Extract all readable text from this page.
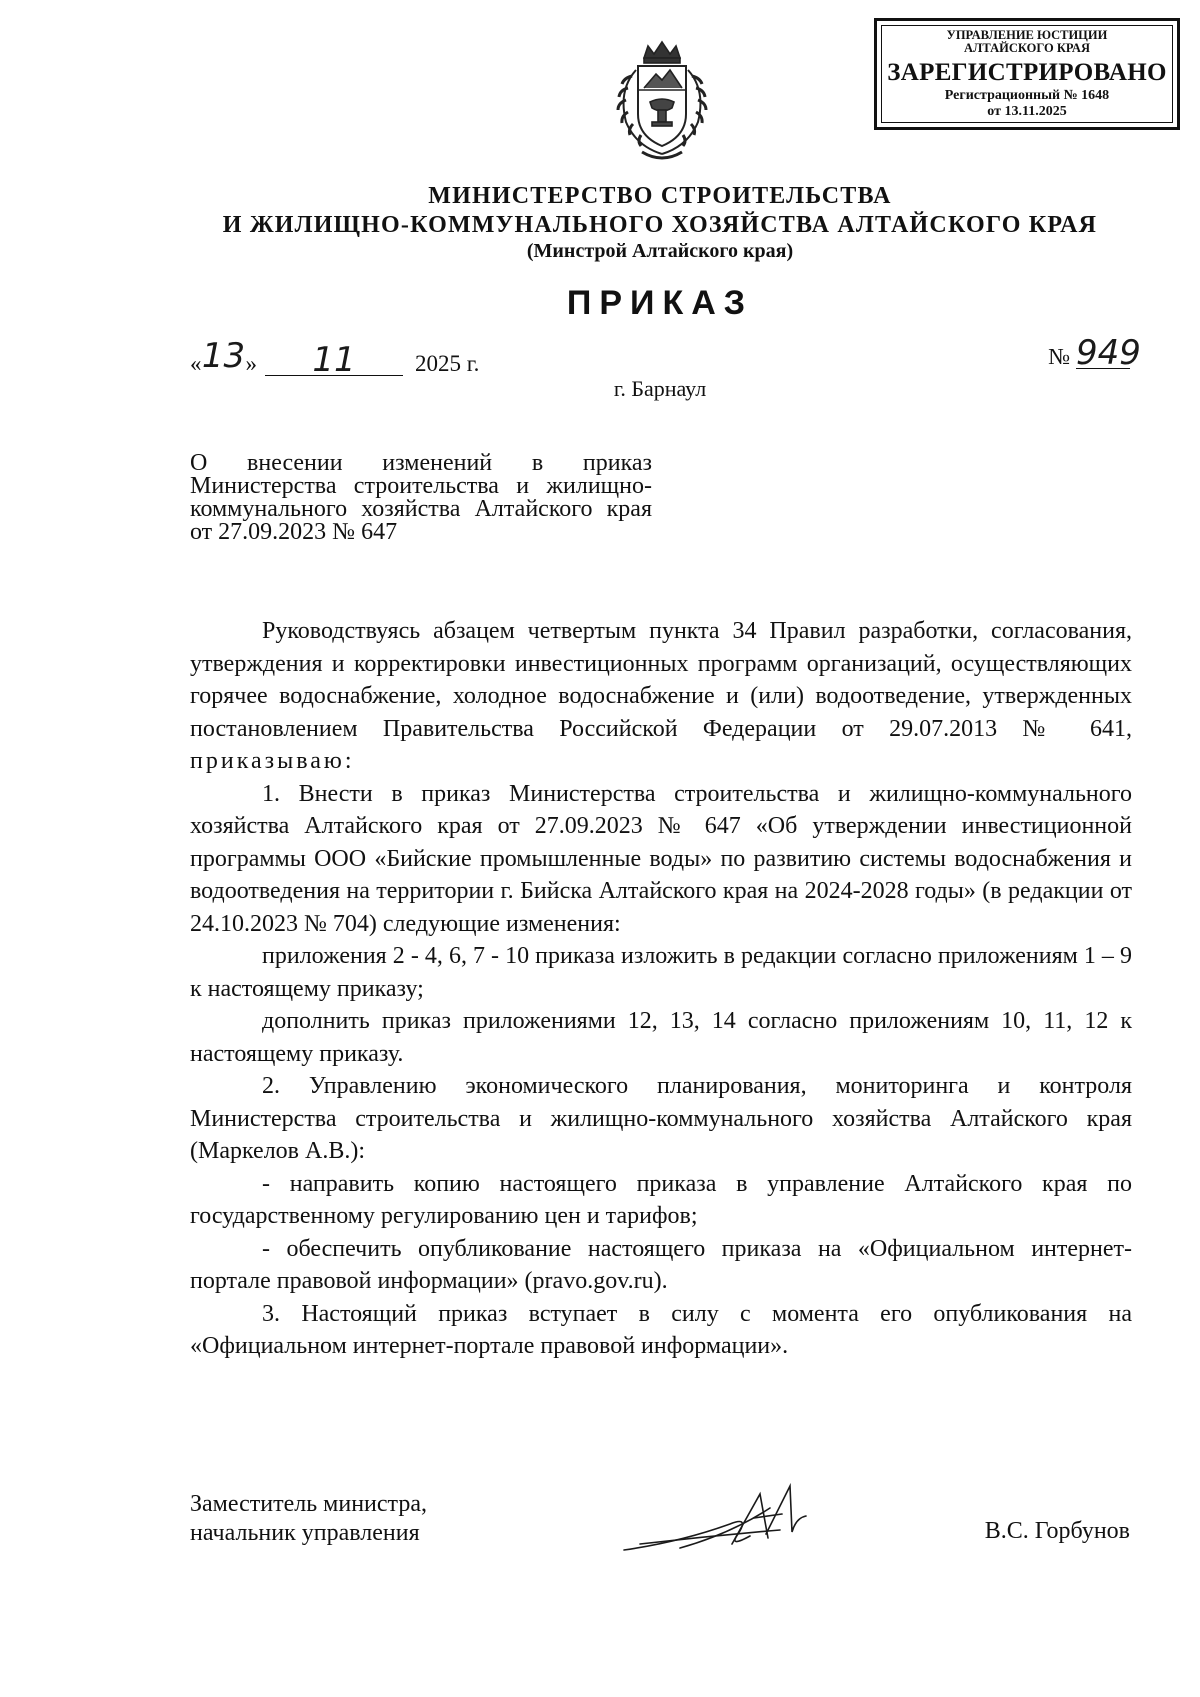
УПРАВЛЕНИЕ ЮСТИЦИИ
АЛТАЙСКОГО КРАЯ
ЗАРЕГИСТРИРОВАНО
Регистрационный № 1648
от 13.11.2025
МИНИСТЕРСТВО СТРОИТЕЛЬСТВА
И ЖИЛИЩНО-КОММУНАЛЬНОГО ХОЗЯЙСТВА АЛТАЙСКОГО КРАЯ
(Минстрой Алтайского края)
ПРИКАЗ
«13» 11	2025 г.	№ 949
г. Барнаул
О внесении изменений в приказ Министерства строительства и жилищно-коммунального хозяйства Алтайского края от 27.09.2023 № 647

Руководствуясь абзацем четвертым пункта 34 Правил разработки, согласования, утверждения и корректировки инвестиционных программ организаций, осуществляющих горячее водоснабжение, холодное водоснабжение и (или) водоотведение, утвержденных постановлением Правительства Российской Федерации от 29.07.2013 № 641, приказываю:

1. Внести в приказ Министерства строительства и жилищно-коммунального хозяйства Алтайского края от 27.09.2023 № 647 «Об утверждении инвестиционной программы ООО «Бийские промышленные воды» по развитию системы водоснабжения и водоотведения на территории г. Бийска Алтайского края на 2024-2028 годы» (в редакции от 24.10.2023 № 704) следующие изменения:

приложения 2 - 4, 6, 7 - 10 приказа изложить в редакции согласно приложениям 1 – 9 к настоящему приказу;

дополнить приказ приложениями 12, 13, 14 согласно приложениям 10, 11, 12 к настоящему приказу.

2. Управлению экономического планирования, мониторинга и контроля Министерства строительства и жилищно-коммунального хозяйства Алтайского края (Маркелов А.В.):

- направить копию настоящего приказа в управление Алтайского края по государственному регулированию цен и тарифов;

- обеспечить опубликование настоящего приказа на «Официальном интернет-портале правовой информации» (pravo.gov.ru).

3. Настоящий приказ вступает в силу с момента его опубликования на «Официальном интернет-портале правовой информации».

Заместитель министра,
начальник управления	В.С. Горбунов
